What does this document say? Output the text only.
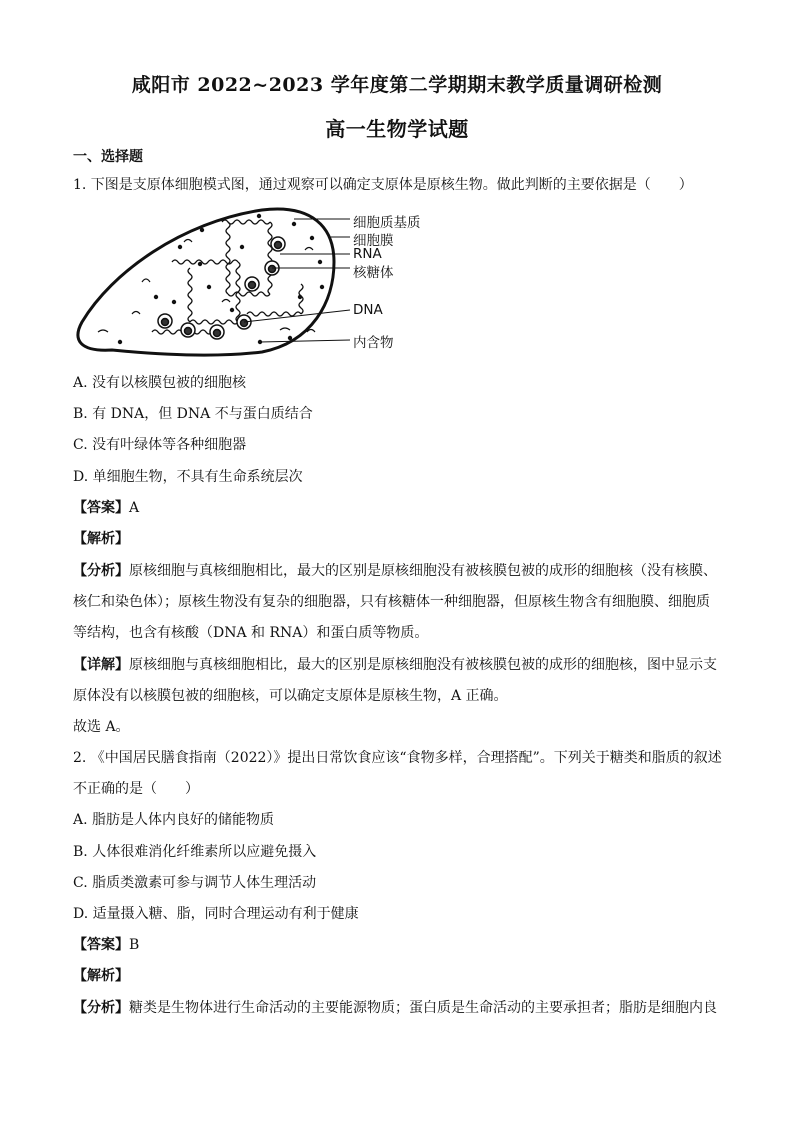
咸阳市 2022~2023 学年度第二学期期末教学质量调研检测
高一生物学试题
一、选择题
1. 下图是支原体细胞模式图，通过观察可以确定支原体是原核生物。做此判断的主要依据是（　　）
细胞质基质
细胞膜
RNA
核糖体
DNA
内含物
A. 没有以核膜包被的细胞核
B. 有 DNA，但 DNA 不与蛋白质结合
C. 没有叶绿体等各种细胞器
D. 单细胞生物，不具有生命系统层次
【答案】A
【解析】
【分析】原核细胞与真核细胞相比，最大的区别是原核细胞没有被核膜包被的成形的细胞核（没有核膜、
核仁和染色体）；原核生物没有复杂的细胞器，只有核糖体一种细胞器，但原核生物含有细胞膜、细胞质
等结构，也含有核酸（DNA 和 RNA）和蛋白质等物质。
【详解】原核细胞与真核细胞相比，最大的区别是原核细胞没有被核膜包被的成形的细胞核，图中显示支
原体没有以核膜包被的细胞核，可以确定支原体是原核生物，A 正确。
故选 A。
2. 《中国居民膳食指南（2022）》提出日常饮食应该“食物多样，合理搭配”。下列关于糖类和脂质的叙述
不正确的是（　　）
A. 脂肪是人体内良好的储能物质
B. 人体很难消化纤维素所以应避免摄入
C. 脂质类激素可参与调节人体生理活动
D. 适量摄入糖、脂，同时合理运动有利于健康
【答案】B
【解析】
【分析】糖类是生物体进行生命活动的主要能源物质；蛋白质是生命活动的主要承担者；脂肪是细胞内良
